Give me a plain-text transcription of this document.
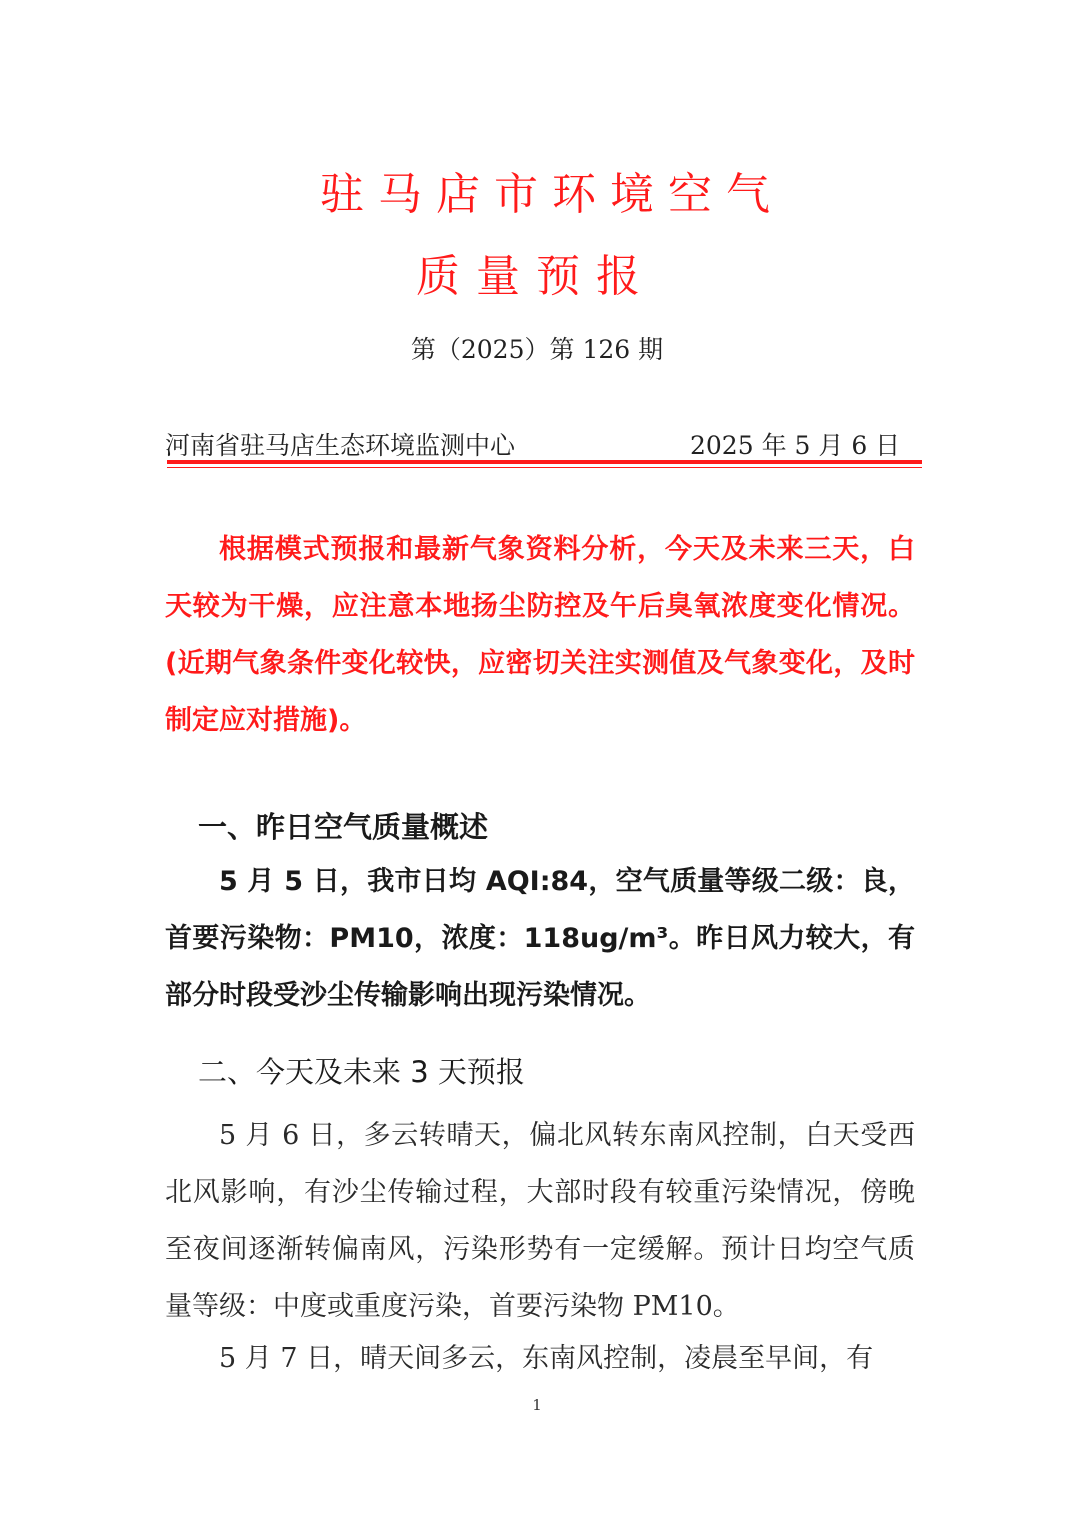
驻马店市环境空气
质量预报
第（2025）第 126 期
河南省驻马店生态环境监测中心	2025 年 5 月 6 日
根据模式预报和最新气象资料分析，今天及未来三天，白天较为干燥，应注意本地扬尘防控及午后臭氧浓度变化情况。(近期气象条件变化较快，应密切关注实测值及气象变化，及时制定应对措施)。
一、昨日空气质量概述
5 月 5 日，我市日均 AQI:84，空气质量等级二级：良，首要污染物：PM10，浓度：118ug/m³。昨日风力较大，有部分时段受沙尘传输影响出现污染情况。
二、今天及未来 3 天预报
5 月 6 日，多云转晴天，偏北风转东南风控制，白天受西北风影响，有沙尘传输过程，大部时段有较重污染情况，傍晚至夜间逐渐转偏南风，污染形势有一定缓解。预计日均空气质量等级：中度或重度污染，首要污染物 PM10。
5 月 7 日，晴天间多云，东南风控制，凌晨至早间，有
1
